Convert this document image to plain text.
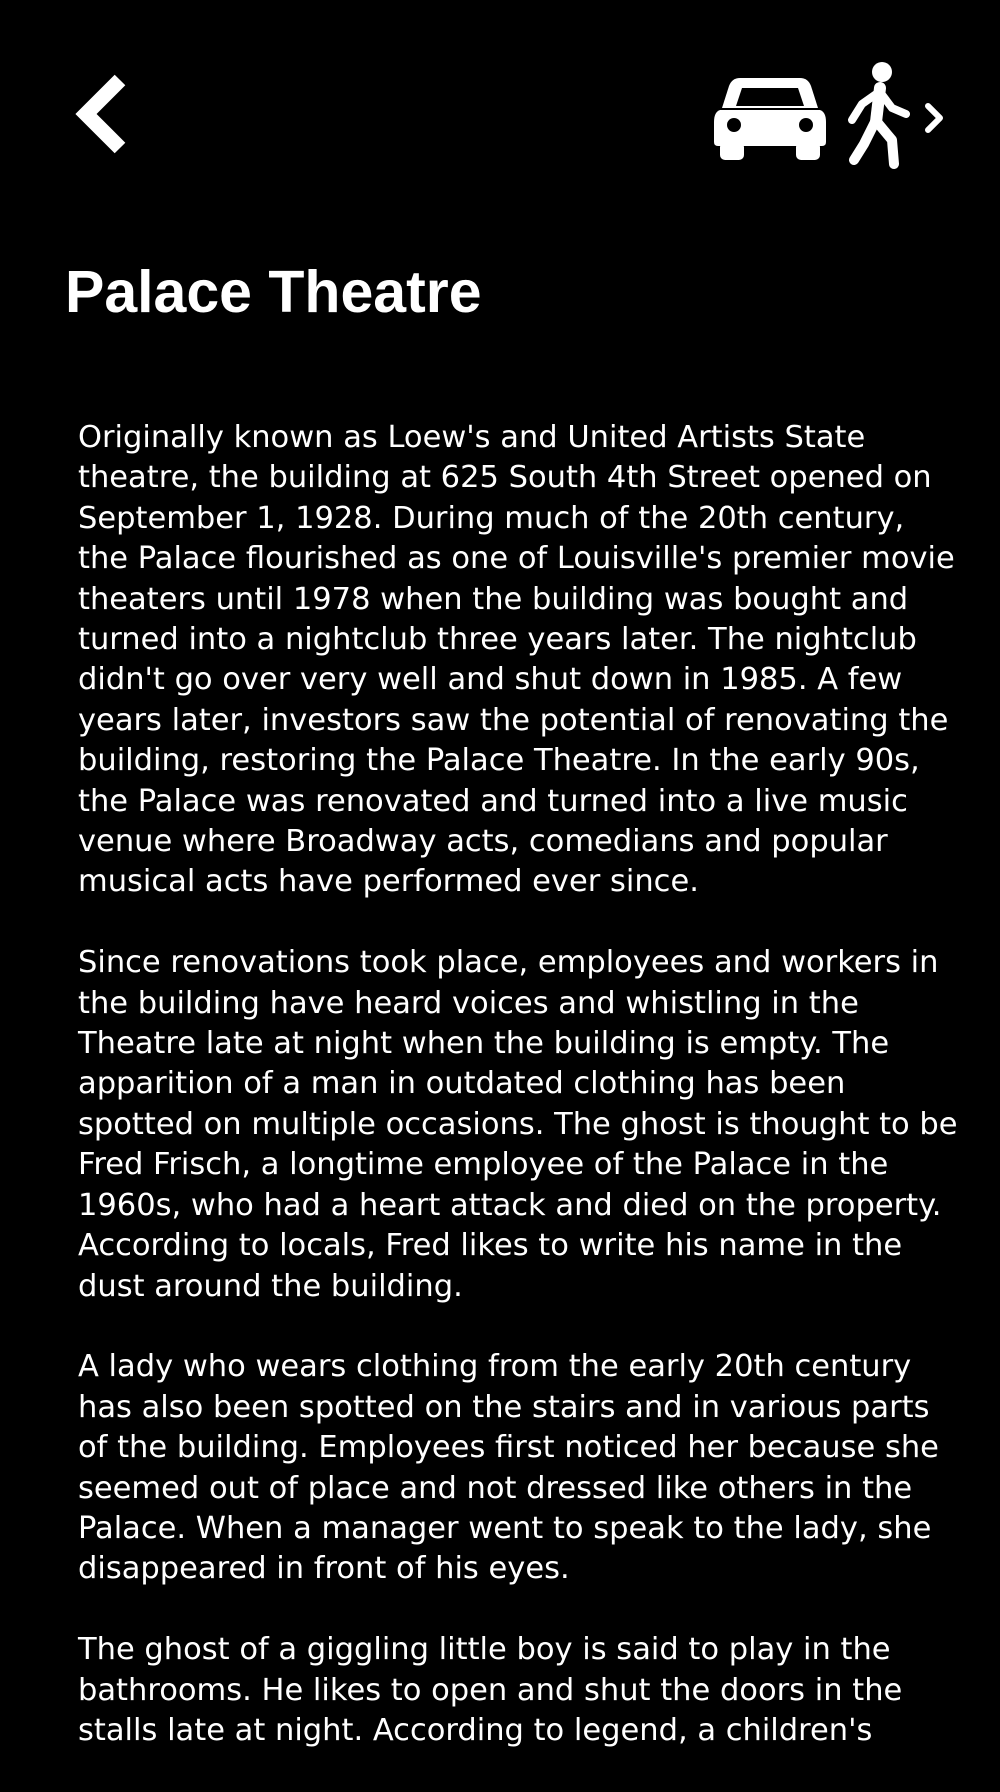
Palace Theatre

Originally known as Loew's and United Artists State theatre, the building at 625 South 4th Street opened on September 1, 1928. During much of the 20th century, the Palace flourished as one of Louisville's premier movie theaters until 1978 when the building was bought and turned into a nightclub three years later. The nightclub didn't go over very well and shut down in 1985. A few years later, investors saw the potential of renovating the building, restoring the Palace Theatre. In the early 90s, the Palace was renovated and turned into a live music venue where Broadway acts, comedians and popular musical acts have performed ever since.

Since renovations took place, employees and workers in the building have heard voices and whistling in the Theatre late at night when the building is empty. The apparition of a man in outdated clothing has been spotted on multiple occasions. The ghost is thought to be Fred Frisch, a longtime employee of the Palace in the 1960s, who had a heart attack and died on the property. According to locals, Fred likes to write his name in the dust around the building.

A lady who wears clothing from the early 20th century has also been spotted on the stairs and in various parts of the building. Employees first noticed her because she seemed out of place and not dressed like others in the Palace. When a manager went to speak to the lady, she disappeared in front of his eyes.

The ghost of a giggling little boy is said to play in the bathrooms. He likes to open and shut the doors in the stalls late at night. According to legend, a children's
